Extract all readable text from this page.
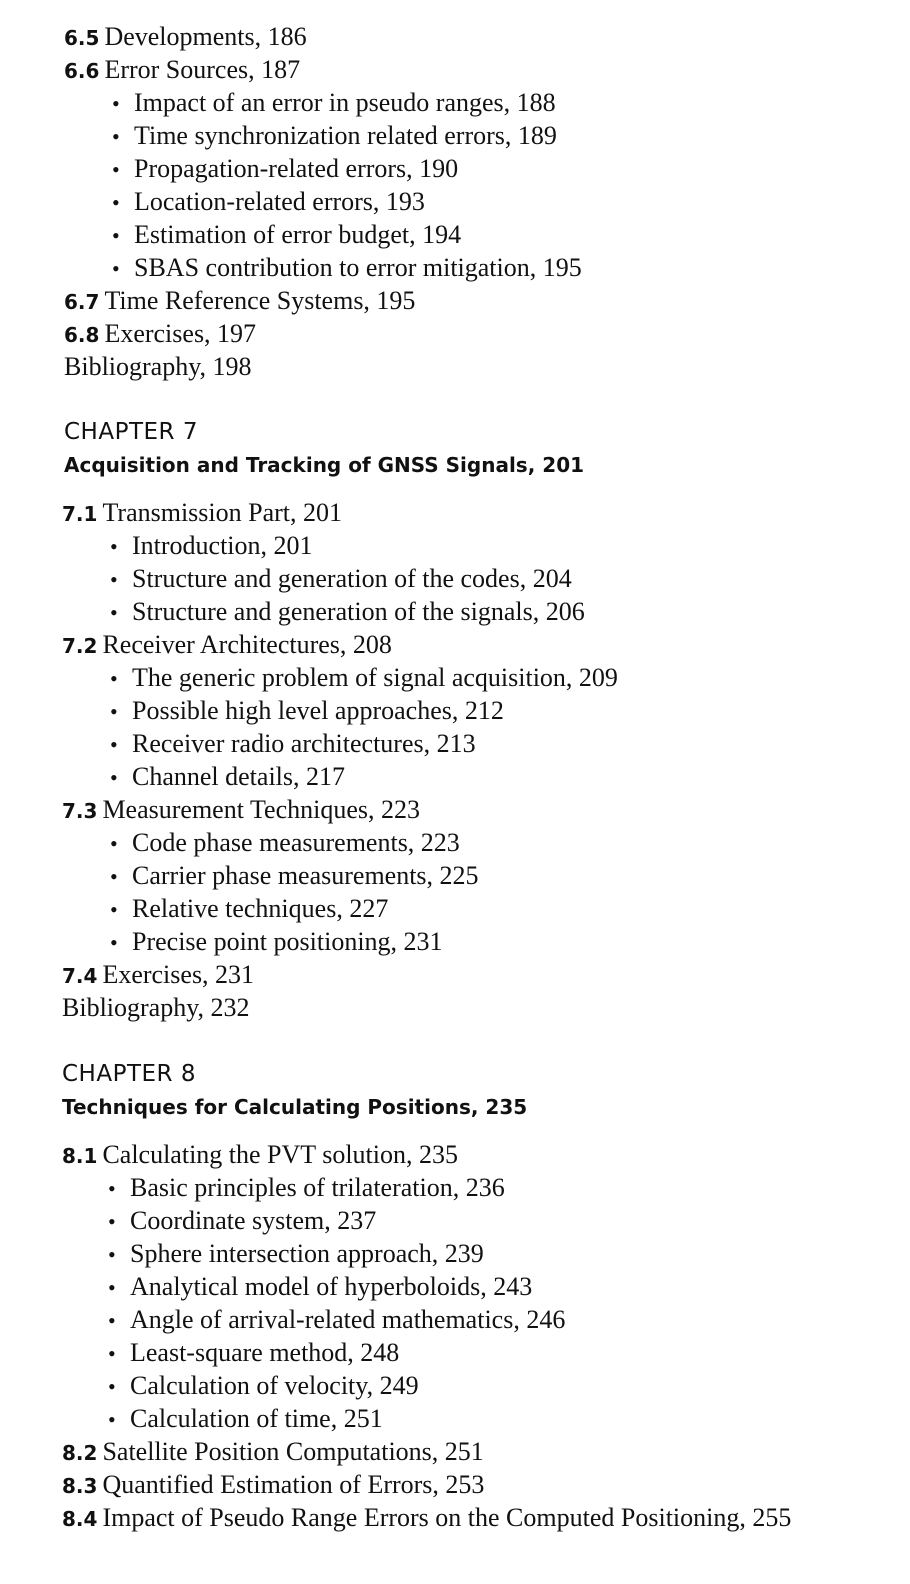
6.5 Developments, 186
6.6 Error Sources, 187
• Impact of an error in pseudo ranges, 188
• Time synchronization related errors, 189
• Propagation-related errors, 190
• Location-related errors, 193
• Estimation of error budget, 194
• SBAS contribution to error mitigation, 195
6.7 Time Reference Systems, 195
6.8 Exercises, 197
Bibliography, 198
CHAPTER 7
Acquisition and Tracking of GNSS Signals, 201
7.1 Transmission Part, 201
• Introduction, 201
• Structure and generation of the codes, 204
• Structure and generation of the signals, 206
7.2 Receiver Architectures, 208
• The generic problem of signal acquisition, 209
• Possible high level approaches, 212
• Receiver radio architectures, 213
• Channel details, 217
7.3 Measurement Techniques, 223
• Code phase measurements, 223
• Carrier phase measurements, 225
• Relative techniques, 227
• Precise point positioning, 231
7.4 Exercises, 231
Bibliography, 232
CHAPTER 8
Techniques for Calculating Positions, 235
8.1 Calculating the PVT solution, 235
• Basic principles of trilateration, 236
• Coordinate system, 237
• Sphere intersection approach, 239
• Analytical model of hyperboloids, 243
• Angle of arrival-related mathematics, 246
• Least-square method, 248
• Calculation of velocity, 249
• Calculation of time, 251
8.2 Satellite Position Computations, 251
8.3 Quantified Estimation of Errors, 253
8.4 Impact of Pseudo Range Errors on the Computed Positioning, 255
